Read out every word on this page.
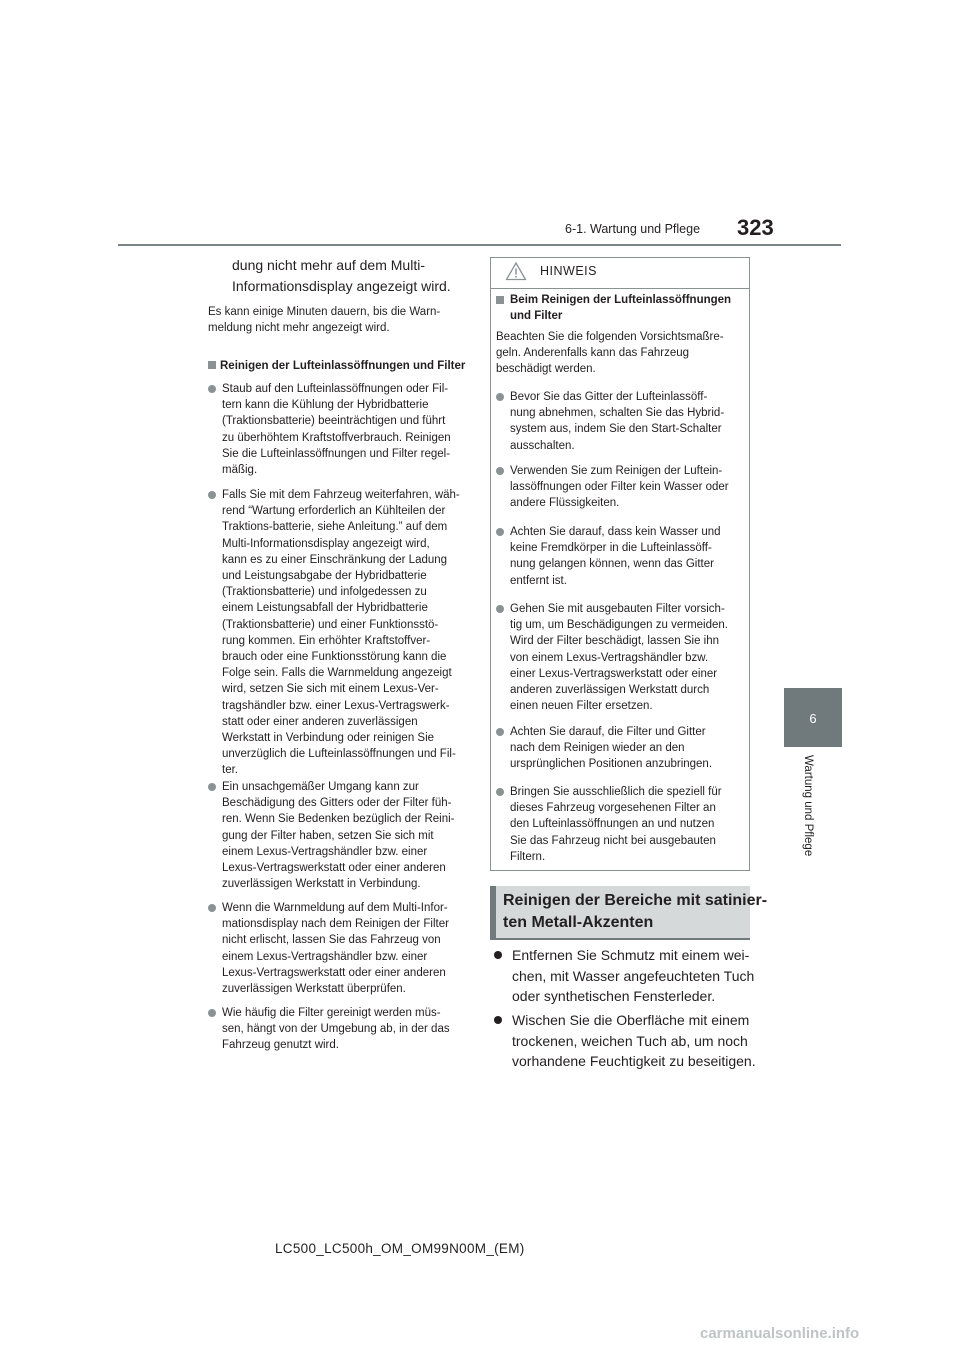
6-1. Wartung und Pflege 323
6
Wartung und Pflege
dung nicht mehr auf dem Multi-
Informationsdisplay angezeigt wird.
Es kann einige Minuten dauern, bis die Warn-
meldung nicht mehr angezeigt wird.
Reinigen der Lufteinlassöffnungen und Filter
Staub auf den Lufteinlassöffnungen oder Fil-
tern kann die Kühlung der Hybridbatterie
(Traktionsbatterie) beeinträchtigen und führt
zu überhöhtem Kraftstoffverbrauch. Reinigen
Sie die Lufteinlassöffnungen und Filter regel-
mäßig.
Falls Sie mit dem Fahrzeug weiterfahren, wäh-
rend “Wartung erforderlich an Kühlteilen der
Traktions-batterie, siehe Anleitung.” auf dem
Multi-Informationsdisplay angezeigt wird,
kann es zu einer Einschränkung der Ladung
und Leistungsabgabe der Hybridbatterie
(Traktionsbatterie) und infolgedessen zu
einem Leistungsabfall der Hybridbatterie
(Traktionsbatterie) und einer Funktionsstö-
rung kommen. Ein erhöhter Kraftstoffver-
brauch oder eine Funktionsstörung kann die
Folge sein. Falls die Warnmeldung angezeigt
wird, setzen Sie sich mit einem Lexus-Ver-
tragshändler bzw. einer Lexus-Vertragswerk-
statt oder einer anderen zuverlässigen
Werkstatt in Verbindung oder reinigen Sie
unverzüglich die Lufteinlassöffnungen und Fil-
ter.
Ein unsachgemäßer Umgang kann zur
Beschädigung des Gitters oder der Filter füh-
ren. Wenn Sie Bedenken bezüglich der Reini-
gung der Filter haben, setzen Sie sich mit
einem Lexus-Vertragshändler bzw. einer
Lexus-Vertragswerkstatt oder einer anderen
zuverlässigen Werkstatt in Verbindung.
Wenn die Warnmeldung auf dem Multi-Infor-
mationsdisplay nach dem Reinigen der Filter
nicht erlischt, lassen Sie das Fahrzeug von
einem Lexus-Vertragshändler bzw. einer
Lexus-Vertragswerkstatt oder einer anderen
zuverlässigen Werkstatt überprüfen.
Wie häufig die Filter gereinigt werden müs-
sen, hängt von der Umgebung ab, in der das
Fahrzeug genutzt wird.
HINWEIS
Beim Reinigen der Lufteinlassöffnungen
und Filter
Beachten Sie die folgenden Vorsichtsmaßre-
geln. Anderenfalls kann das Fahrzeug
beschädigt werden.
Bevor Sie das Gitter der Lufteinlassöff-
nung abnehmen, schalten Sie das Hybrid-
system aus, indem Sie den Start-Schalter
ausschalten.
Verwenden Sie zum Reinigen der Luftein-
lassöffnungen oder Filter kein Wasser oder
andere Flüssigkeiten.
Achten Sie darauf, dass kein Wasser und
keine Fremdkörper in die Lufteinlassöff-
nung gelangen können, wenn das Gitter
entfernt ist.
Gehen Sie mit ausgebauten Filter vorsich-
tig um, um Beschädigungen zu vermeiden.
Wird der Filter beschädigt, lassen Sie ihn
von einem Lexus-Vertragshändler bzw.
einer Lexus-Vertragswerkstatt oder einer
anderen zuverlässigen Werkstatt durch
einen neuen Filter ersetzen.
Achten Sie darauf, die Filter und Gitter
nach dem Reinigen wieder an den
ursprünglichen Positionen anzubringen.
Bringen Sie ausschließlich die speziell für
dieses Fahrzeug vorgesehenen Filter an
den Lufteinlassöffnungen an und nutzen
Sie das Fahrzeug nicht bei ausgebauten
Filtern.
Reinigen der Bereiche mit satinier-
ten Metall-Akzenten
Entfernen Sie Schmutz mit einem wei-
chen, mit Wasser angefeuchteten Tuch
oder synthetischen Fensterleder.
Wischen Sie die Oberfläche mit einem
trockenen, weichen Tuch ab, um noch
vorhandene Feuchtigkeit zu beseitigen.
LC500_LC500h_OM_OM99N00M_(EM)
carmanualsonline.info
